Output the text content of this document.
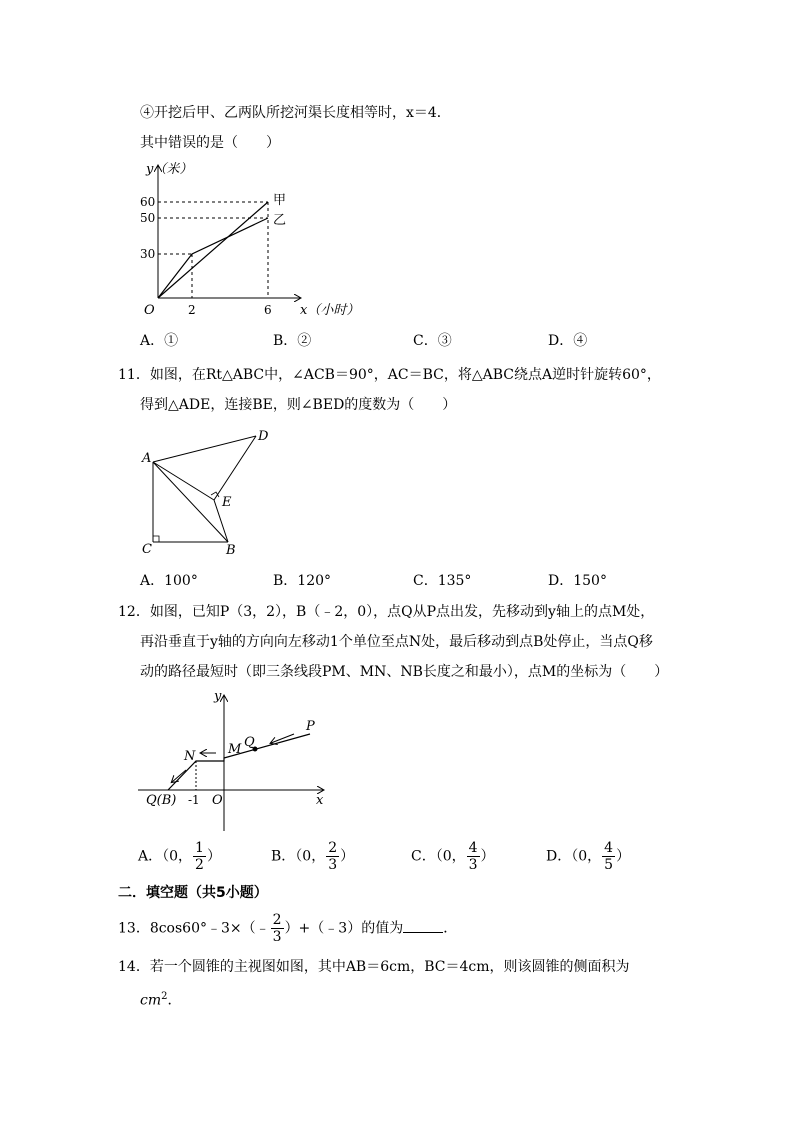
④开挖后甲、乙两队所挖河渠长度相等时，x＝4．
其中错误的是（　　）
y（米）
60
50
30
O	2	6 x（小时）
甲
乙
A．①	B．②	C．③	D．④
11．如图，在Rt△ABC中，∠ACB＝90°，AC＝BC，将△ABC绕点A逆时针旋转60°，
得到△ADE，连接BE，则∠BED的度数为（　　）
A
D
E
C	B
A．100°	B．120°	C．135°	D．150°
12．如图，已知P（3，2），B（﹣2，0），点Q从P点出发，先移动到y轴上的点M处，
再沿垂直于y轴的方向向左移动1个单位至点N处，最后移动到点B处停止，当点Q移
动的路径最短时（即三条线段PM、MN、NB长度之和最小），点M的坐标为（　　）
y
x
O
P
Q
M
N
Q(B) -1
A．（0， $\frac{1}{2}$ ）	B．（0， $\frac{2}{3}$ ）	C．（0， $\frac{4}{3}$ ）	D．（0， $\frac{4}{5}$ ）
二．填空题（共5小题）
13．8cos60°﹣3×（﹣ $\frac{2}{3}$ ）+（﹣3）的值为	．
14．若一个圆锥的主视图如图，其中AB＝6cm，BC＝4cm，则该圆锥的侧面积为
$cm^2$．
